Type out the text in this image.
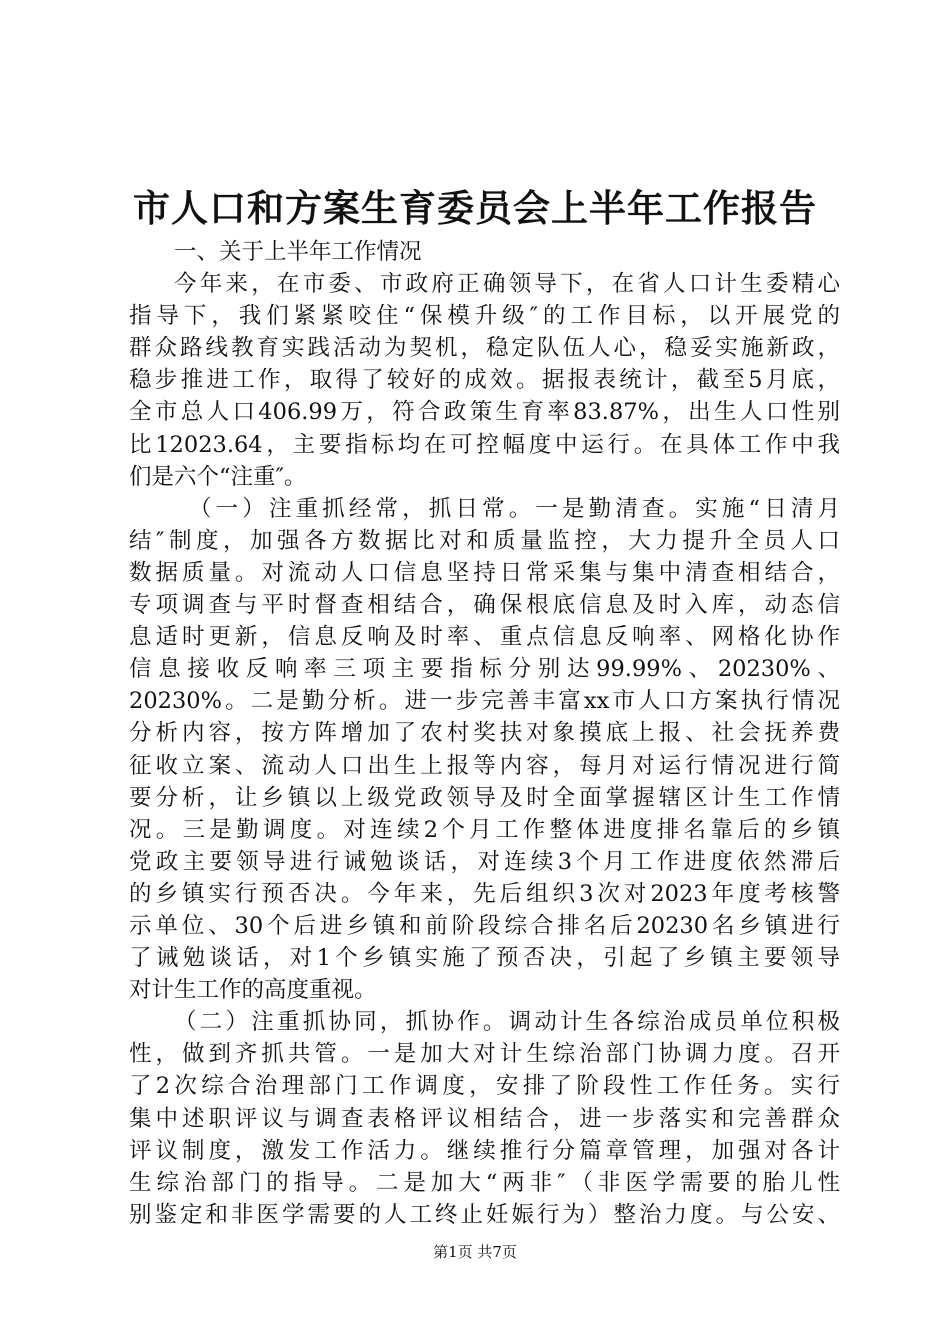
市人口和方案生育委员会上半年工作报告
一、关于上半年工作情况
今年来，在市委、市政府正确领导下，在省人口计生委精心
指导下，我们紧紧咬住“保模升级″的工作目标，以开展党的
群众路线教育实践活动为契机，稳定队伍人心，稳妥实施新政，
稳步推进工作，取得了较好的成效。据报表统计，截至5月底，
全市总人口406.99万，符合政策生育率83.87%，出生人口性别
比12023.64，主要指标均在可控幅度中运行。在具体工作中我
们是六个“注重″。
（一）注重抓经常，抓日常。一是勤清查。实施“日清月
结″制度，加强各方数据比对和质量监控，大力提升全员人口
数据质量。对流动人口信息坚持日常采集与集中清查相结合，
专项调查与平时督查相结合，确保根底信息及时入库，动态信
息适时更新，信息反响及时率、重点信息反响率、网格化协作
信息接收反响率三项主要指标分别达99.99%、20230%、
20230%。二是勤分析。进一步完善丰富xx市人口方案执行情况
分析内容，按方阵增加了农村奖扶对象摸底上报、社会抚养费
征收立案、流动人口出生上报等内容，每月对运行情况进行简
要分析，让乡镇以上级党政领导及时全面掌握辖区计生工作情
况。三是勤调度。对连续2个月工作整体进度排名靠后的乡镇
党政主要领导进行诫勉谈话，对连续3个月工作进度依然滞后
的乡镇实行预否决。今年来，先后组织3次对2023年度考核警
示单位、30个后进乡镇和前阶段综合排名后20230名乡镇进行
了诫勉谈话，对1个乡镇实施了预否决，引起了乡镇主要领导
对计生工作的高度重视。
（二）注重抓协同，抓协作。调动计生各综治成员单位积极
性，做到齐抓共管。一是加大对计生综治部门协调力度。召开
了2次综合治理部门工作调度，安排了阶段性工作任务。实行
集中述职评议与调查表格评议相结合，进一步落实和完善群众
评议制度，激发工作活力。继续推行分篇章管理，加强对各计
生综治部门的指导。二是加大“两非″（非医学需要的胎儿性
别鉴定和非医学需要的人工终止妊娠行为）整治力度。与公安、
第1页 共7页
